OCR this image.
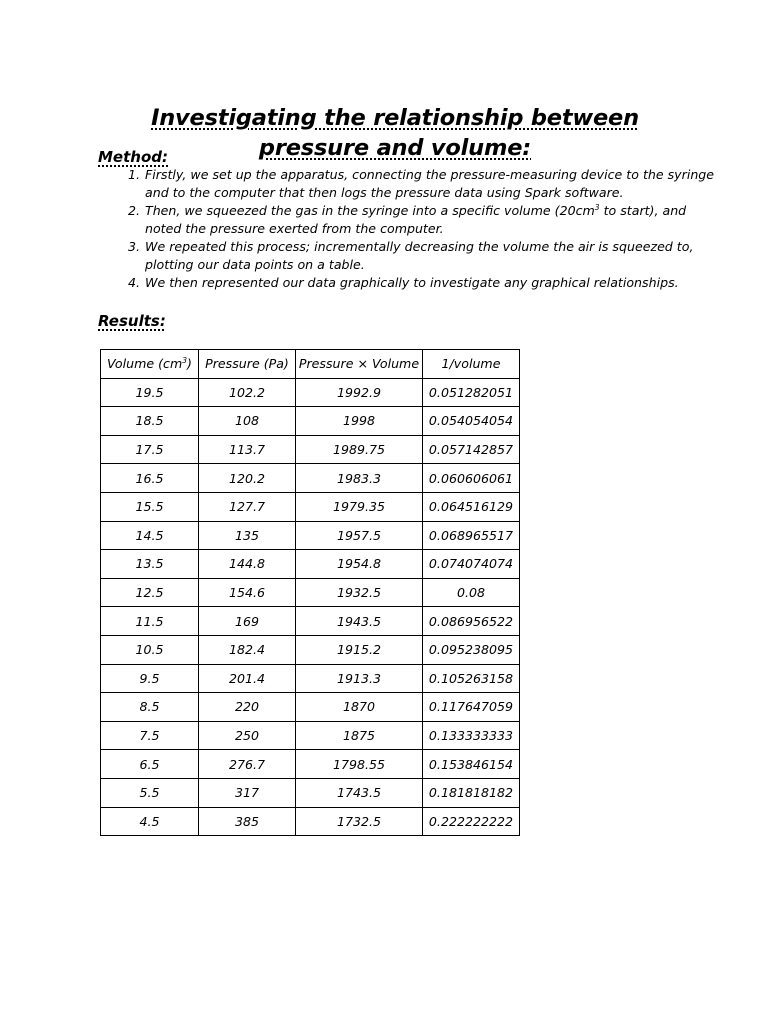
Investigating the relationship between pressure and volume:
Method:
1. Firstly, we set up the apparatus, connecting the pressure-measuring device to the syringe and to the computer that then logs the pressure data using Spark software.
2. Then, we squeezed the gas in the syringe into a specific volume ($20cm^3$ to start), and noted the pressure exerted from the computer.
3. We repeated this process; incrementally decreasing the volume the air is squeezed to, plotting our data points on a table.
4. We then represented our data graphically to investigate any graphical relationships.
Results:
Volume $(cm^3)$	Pressure (Pa)	Pressure × Volume	1/volume
19.5	102.2	1992.9	0.051282051
18.5	108	1998	0.054054054
17.5	113.7	1989.75	0.057142857
16.5	120.2	1983.3	0.060606061
15.5	127.7	1979.35	0.064516129
14.5	135	1957.5	0.068965517
13.5	144.8	1954.8	0.074074074
12.5	154.6	1932.5	0.08
11.5	169	1943.5	0.086956522
10.5	182.4	1915.2	0.095238095
9.5	201.4	1913.3	0.105263158
8.5	220	1870	0.117647059
7.5	250	1875	0.133333333
6.5	276.7	1798.55	0.153846154
5.5	317	1743.5	0.181818182
4.5	385	1732.5	0.222222222
